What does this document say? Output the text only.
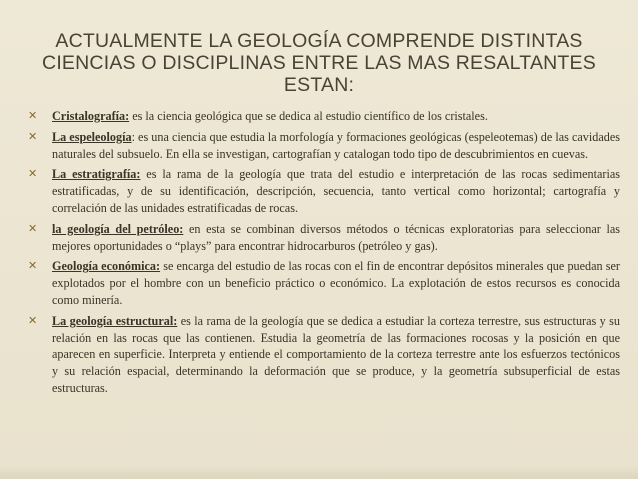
ACTUALMENTE LA GEOLOGÍA COMPRENDE DISTINTAS
CIENCIAS O DISCIPLINAS ENTRE LAS MAS RESALTANTES
ESTAN:
✕ Cristalografía: es la ciencia geológica que se dedica al estudio científico de los cristales.
✕ La espeleología: es una ciencia que estudia la morfología y formaciones geológicas (espeleotemas) de las cavidades naturales del subsuelo. En ella se investigan, cartografían y catalogan todo tipo de descubrimientos en cuevas.
✕ La estratigrafía: es la rama de la geología que trata del estudio e interpretación de las rocas sedimentarias estratificadas, y de su identificación, descripción, secuencia, tanto vertical como horizontal; cartografía y correlación de las unidades estratificadas de rocas.
✕ la geología del petróleo: en esta se combinan diversos métodos o técnicas exploratorias para seleccionar las mejores oportunidades o “plays” para encontrar hidrocarburos (petróleo y gas).
✕ Geología económica: se encarga del estudio de las rocas con el fin de encontrar depósitos minerales que puedan ser explotados por el hombre con un beneficio práctico o económico. La explotación de estos recursos es conocida como minería.
✕ La geología estructural: es la rama de la geología que se dedica a estudiar la corteza terrestre, sus estructuras y su relación en las rocas que las contienen. Estudia la geometría de las formaciones rocosas y la posición en que aparecen en superficie. Interpreta y entiende el comportamiento de la corteza terrestre ante los esfuerzos tectónicos y su relación espacial, determinando la deformación que se produce, y la geometría subsuperficial de estas estructuras.
